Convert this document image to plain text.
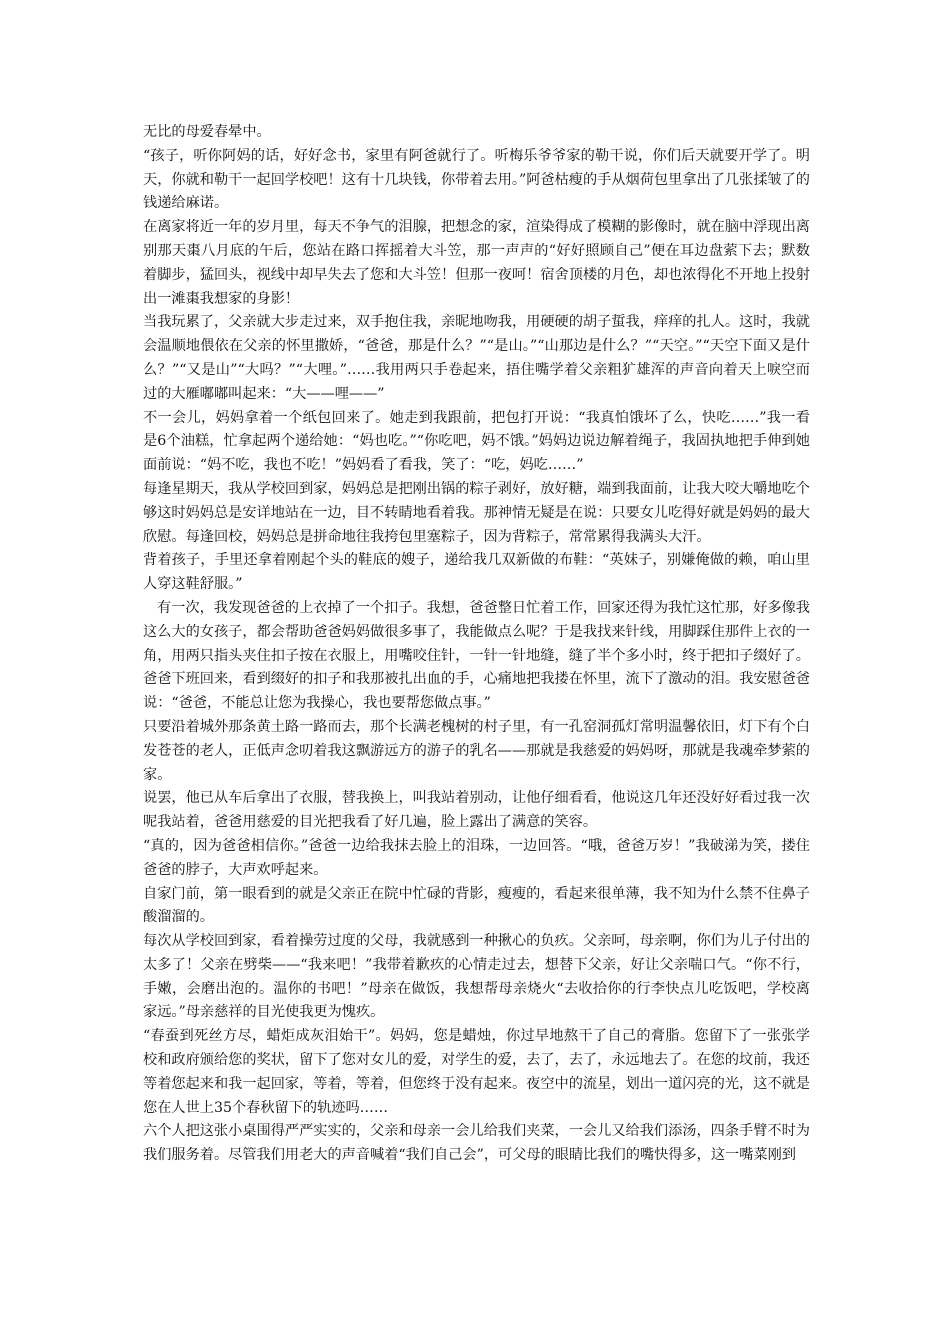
无比的母爱春晕中。

“孩子，听你阿妈的话，好好念书，家里有阿爸就行了。听梅乐爷爷家的勒干说，你们后天就要开学了。明天，你就和勒干一起回学校吧！这有十几块钱，你带着去用。”阿爸枯瘦的手从烟荷包里拿出了几张揉皱了的钱递给麻诺。

在离家将近一年的岁月里，每天不争气的泪腺，把想念的家，渲染得成了模糊的影像时，就在脑中浮现出离别那天棗八月底的午后，您站在路口挥摇着大斗笠，那一声声的“好好照顾自己”便在耳边盘萦下去；默数着脚步，猛回头，视线中却早失去了您和大斗笠！但那一夜呵！宿舍顶楼的月色，却也浓得化不开地上投射出一滩棗我想家的身影！

当我玩累了，父亲就大步走过来，双手抱住我，亲昵地吻我，用硬硬的胡子蜇我，痒痒的扎人。这时，我就会温顺地偎依在父亲的怀里撒娇，“爸爸，那是什么？”“是山。”“山那边是什么？”“天空。”“天空下面又是什么？”“又是山”“大吗？”“大哩。”……我用两只手卷起来，捂住嘴学着父亲粗犷雄浑的声音向着天上唳空而过的大雁嘟嘟叫起来：“大——哩——”

不一会儿，妈妈拿着一个纸包回来了。她走到我跟前，把包打开说：“我真怕饿坏了么，快吃……”我一看是6个油糕，忙拿起两个递给她：“妈也吃。”“你吃吧，妈不饿。”妈妈边说边解着绳子，我固执地把手伸到她面前说：“妈不吃，我也不吃！”妈妈看了看我，笑了：“吃，妈吃……”

每逢星期天，我从学校回到家，妈妈总是把刚出锅的粽子剥好，放好糖，端到我面前，让我大咬大嚼地吃个够这时妈妈总是安详地站在一边，目不转睛地看着我。那神情无疑是在说：只要女儿吃得好就是妈妈的最大欣慰。每逢回校，妈妈总是拼命地往我挎包里塞粽子，因为背粽子，常常累得我满头大汗。

背着孩子，手里还拿着刚起个头的鞋底的嫂子，递给我几双新做的布鞋：“英妹子，别嫌俺做的赖，咱山里人穿这鞋舒服。”

有一次，我发现爸爸的上衣掉了一个扣子。我想，爸爸整日忙着工作，回家还得为我忙这忙那，好多像我这么大的女孩子，都会帮助爸爸妈妈做很多事了，我能做点么呢？于是我找来针线，用脚踩住那件上衣的一角，用两只指头夹住扣子按在衣服上，用嘴咬住针，一针一针地缝，缝了半个多小时，终于把扣子缀好了。爸爸下班回来，看到缀好的扣子和我那被扎出血的手，心痛地把我搂在怀里，流下了激动的泪。我安慰爸爸说：“爸爸，不能总让您为我操心，我也要帮您做点事。”

只要沿着城外那条黄土路一路而去，那个长满老槐树的村子里，有一孔窑洞孤灯常明温馨依旧，灯下有个白发苍苍的老人，正低声念叨着我这飘游远方的游子的乳名——那就是我慈爱的妈妈呀，那就是我魂牵梦萦的家。

说罢，他已从车后拿出了衣服，替我换上，叫我站着别动，让他仔细看看，他说这几年还没好好看过我一次呢我站着，爸爸用慈爱的目光把我看了好几遍，脸上露出了满意的笑容。

“真的，因为爸爸相信你。”爸爸一边给我抹去脸上的泪珠，一边回答。“哦，爸爸万岁！”我破涕为笑，搂住爸爸的脖子，大声欢呼起来。

自家门前，第一眼看到的就是父亲正在院中忙碌的背影，瘦瘦的，看起来很单薄，我不知为什么禁不住鼻子酸溜溜的。

每次从学校回到家，看着操劳过度的父母，我就感到一种揪心的负疚。父亲呵，母亲啊，你们为儿子付出的太多了！父亲在劈柴——“我来吧！”我带着歉疚的心情走过去，想替下父亲，好让父亲喘口气。“你不行，手嫩，会磨出泡的。温你的书吧！”母亲在做饭，我想帮母亲烧火“去收拾你的行李快点儿吃饭吧，学校离家远。”母亲慈祥的目光使我更为愧疚。

“春蚕到死丝方尽，蜡炬成灰泪始干”。妈妈，您是蜡烛，你过早地熬干了自己的膏脂。您留下了一张张学校和政府颁给您的奖状，留下了您对女儿的爱，对学生的爱，去了，去了，永远地去了。在您的坟前，我还等着您起来和我一起回家，等着，等着，但您终于没有起来。夜空中的流星，划出一道闪亮的光，这不就是您在人世上35个春秋留下的轨迹吗……

六个人把这张小桌围得严严实实的，父亲和母亲一会儿给我们夹菜，一会儿又给我们添汤，四条手臂不时为我们服务着。尽管我们用老大的声音喊着“我们自己会”，可父母的眼睛比我们的嘴快得多，这一嘴菜刚到
